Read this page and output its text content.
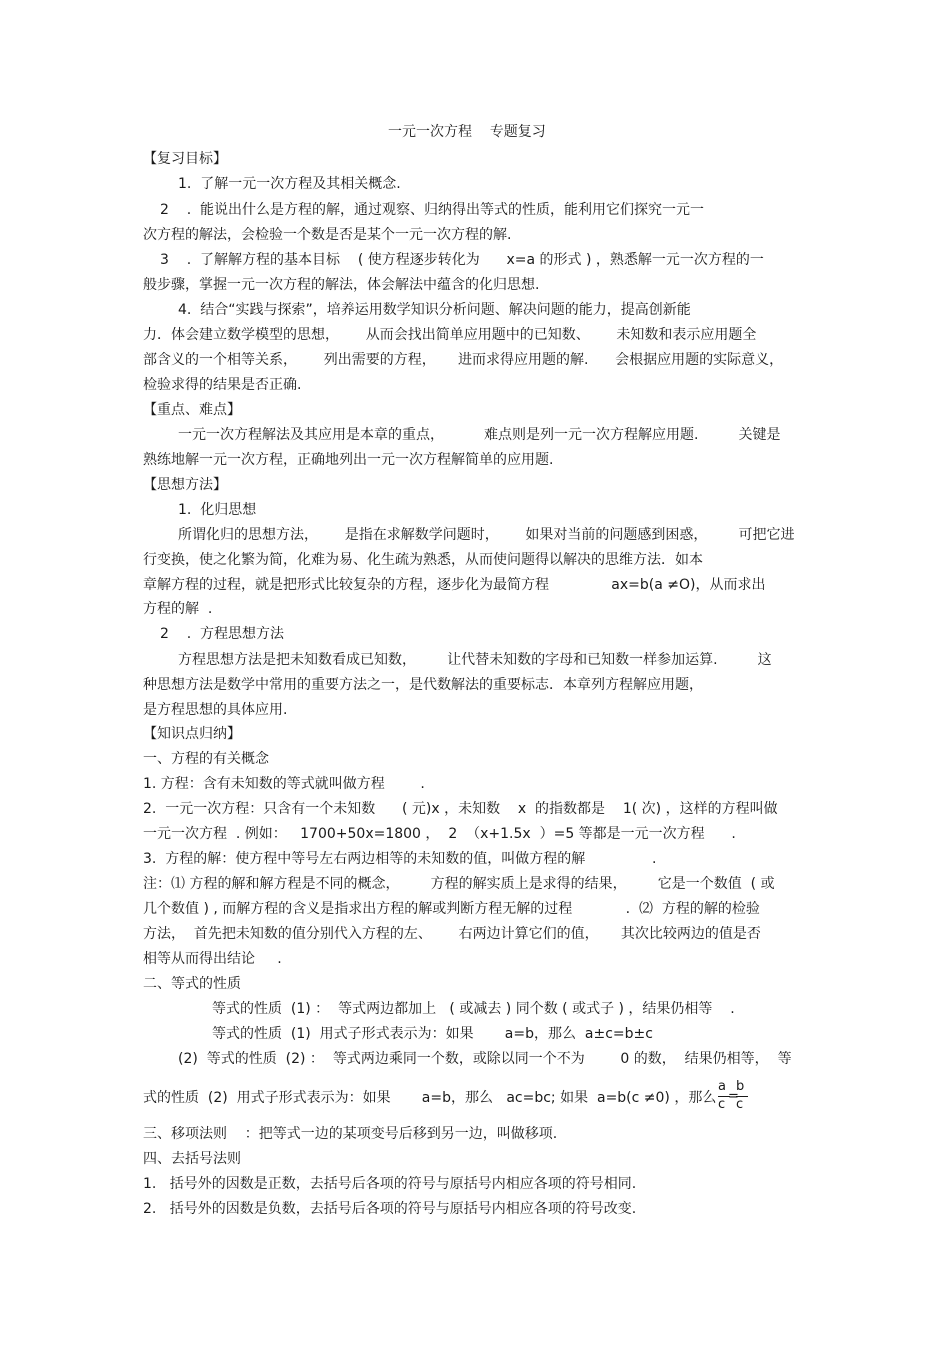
一元一次方程    专题复习
【复习目标】
1.  了解一元一次方程及其相关概念.
2    .  能说出什么是方程的解，通过观察、归纳得出等式的性质，能利用它们探究一元一
次方程的解法，会检验一个数是否是某个一元一次方程的解.
3    .  了解解方程的基本目标    ( 使方程逐步转化为      x=a 的形式 ) ，熟悉解一元一次方程的一
般步骤，掌握一元一次方程的解法，体会解法中蕴含的化归思想.
4.  结合“实践与探索”，培养运用数学知识分析问题、解决问题的能力，提高创新能
力．体会建立数学模型的思想，      从而会找出简单应用题中的已知数、      未知数和表示应用题全
部含义的一个相等关系，      列出需要的方程，     进而求得应用题的解.      会根据应用题的实际意义，
检验求得的结果是否正确.
【重点、难点】
一元一次方程解法及其应用是本章的重点，         难点则是列一元一次方程解应用题.         关键是
熟练地解一元一次方程，正确地列出一元一次方程解简单的应用题.
【思想方法】
1.  化归思想
所谓化归的思想方法，      是指在求解数学问题时，      如果对当前的问题感到困惑，       可把它进
行变换，使之化繁为简，化难为易、化生疏为熟悉，从而使问题得以解决的思维方法．如本
章解方程的过程，就是把形式比较复杂的方程，逐步化为最简方程              ax=b(a ≠O)，从而求出
方程的解  .
2    .  方程思想方法
方程思想方法是把未知数看成已知数，       让代替未知数的字母和已知数一样参加运算.         这
种思想方法是数学中常用的重要方法之一，是代数解法的重要标志．本章列方程解应用题，
是方程思想的具体应用.
【知识点归纳】
一、方程的有关概念
1. 方程：含有未知数的等式就叫做方程        .
2.  一元一次方程：只含有一个未知数      ( 元)x ，未知数    x  的指数都是    1( 次) ，这样的方程叫做
一元一次方程  . 例如：   1700+50x=1800 ，  2  （x+1.5x  ）=5 等都是一元一次方程      .
3.  方程的解：使方程中等号左右两边相等的未知数的值，叫做方程的解               .
注：⑴ 方程的解和解方程是不同的概念，       方程的解实质上是求得的结果，       它是一个数值  ( 或
几个数值 ) , 而解方程的含义是指求出方程的解或判断方程无解的过程            .  ⑵  方程的解的检验
方法，  首先把未知数的值分别代入方程的左、      右两边计算它们的值，     其次比较两边的值是否
相等从而得出结论     .
二、等式的性质
等式的性质  (1) ：  等式两边都加上   ( 或减去 ) 同个数 ( 或式子 ) ，结果仍相等    .
等式的性质  (1)  用式子形式表示为：如果       a=b，那么  a±c=b±c
(2)  等式的性质  (2) ：  等式两边乘同一个数，或除以同一个不为        0 的数，  结果仍相等，  等
式的性质  (2)  用式子形式表示为：如果       a=b，那么   ac=bc; 如果  a=b(c ≠0) ，那么
a
c
=
b
c
三、移项法则    ：把等式一边的某项变号后移到另一边，叫做移项.
四、去括号法则
1.   括号外的因数是正数，去括号后各项的符号与原括号内相应各项的符号相同.
2.   括号外的因数是负数，去括号后各项的符号与原括号内相应各项的符号改变.
